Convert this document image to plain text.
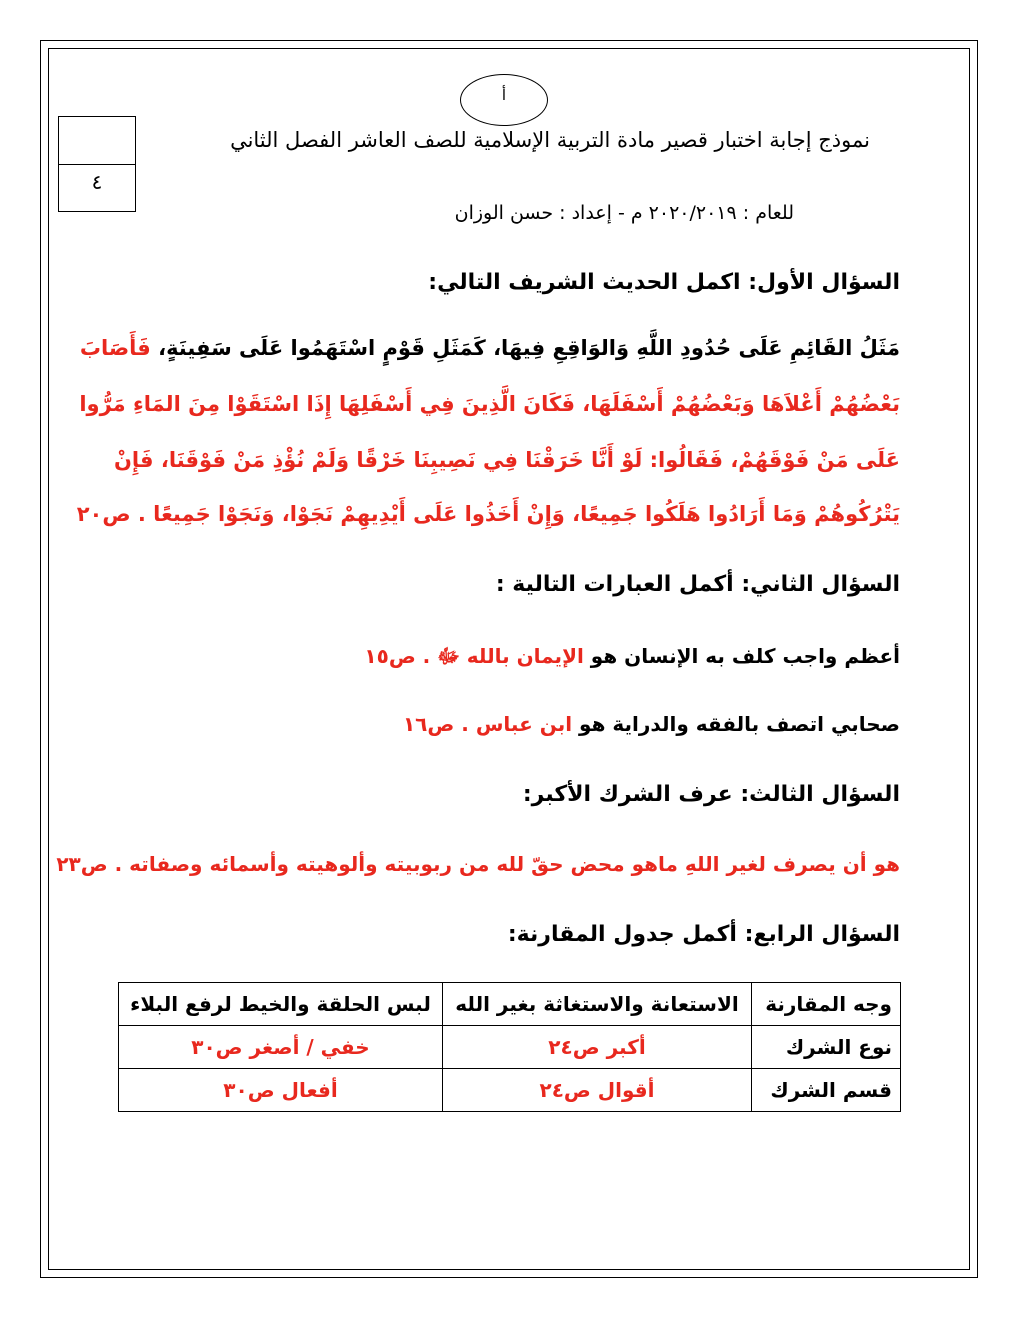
أ
٤
نموذج إجابة اختبار قصير مادة التربية الإسلامية للصف العاشر الفصل الثاني
للعام : ٢٠٢٠/٢٠١٩ م - إعداد : حسن الوزان
السؤال الأول: اكمل الحديث الشريف التالي:
مَثَلُ القَائِمِ عَلَى حُدُودِ اللَّهِ وَالوَاقِعِ فِيهَا، كَمَثَلِ قَوْمٍ اسْتَهَمُوا عَلَى سَفِينَةٍ، فَأَصَابَ
بَعْضُهُمْ أَعْلاَهَا وَبَعْضُهُمْ أَسْفَلَهَا، فَكَانَ الَّذِينَ فِي أَسْفَلِهَا إِذَا اسْتَقَوْا مِنَ المَاءِ مَرُّوا
عَلَى مَنْ فَوْقَهُمْ، فَقَالُوا: لَوْ أَنَّا خَرَقْنَا فِي نَصِيبِنَا خَرْقًا وَلَمْ نُؤْذِ مَنْ فَوْقَنَا، فَإِنْ
يَتْرُكُوهُمْ وَمَا أَرَادُوا هَلَكُوا جَمِيعًا، وَإِنْ أَخَذُوا عَلَى أَيْدِيهِمْ نَجَوْا، وَنَجَوْا جَمِيعًا . ص٢٠
السؤال الثاني: أكمل العبارات التالية :
أعظم واجب كلف به الإنسان هو الإيمان بالله ﷻ . ص١٥
صحابي اتصف بالفقه والدراية هو ابن عباس . ص١٦
السؤال الثالث: عرف الشرك الأكبر:
هو أن يصرف لغير اللهِ ماهو محض حقّ لله من ربوبيته وألوهيته وأسمائه وصفاته . ص٢٣
السؤال الرابع: أكمل جدول المقارنة:
وجه المقارنة	الاستعانة والاستغاثة بغير الله	لبس الحلقة والخيط لرفع البلاء
نوع الشرك	أكبر ص٢٤	خفي / أصغر ص٣٠
قسم الشرك	أقوال ص٢٤	أفعال ص٣٠
